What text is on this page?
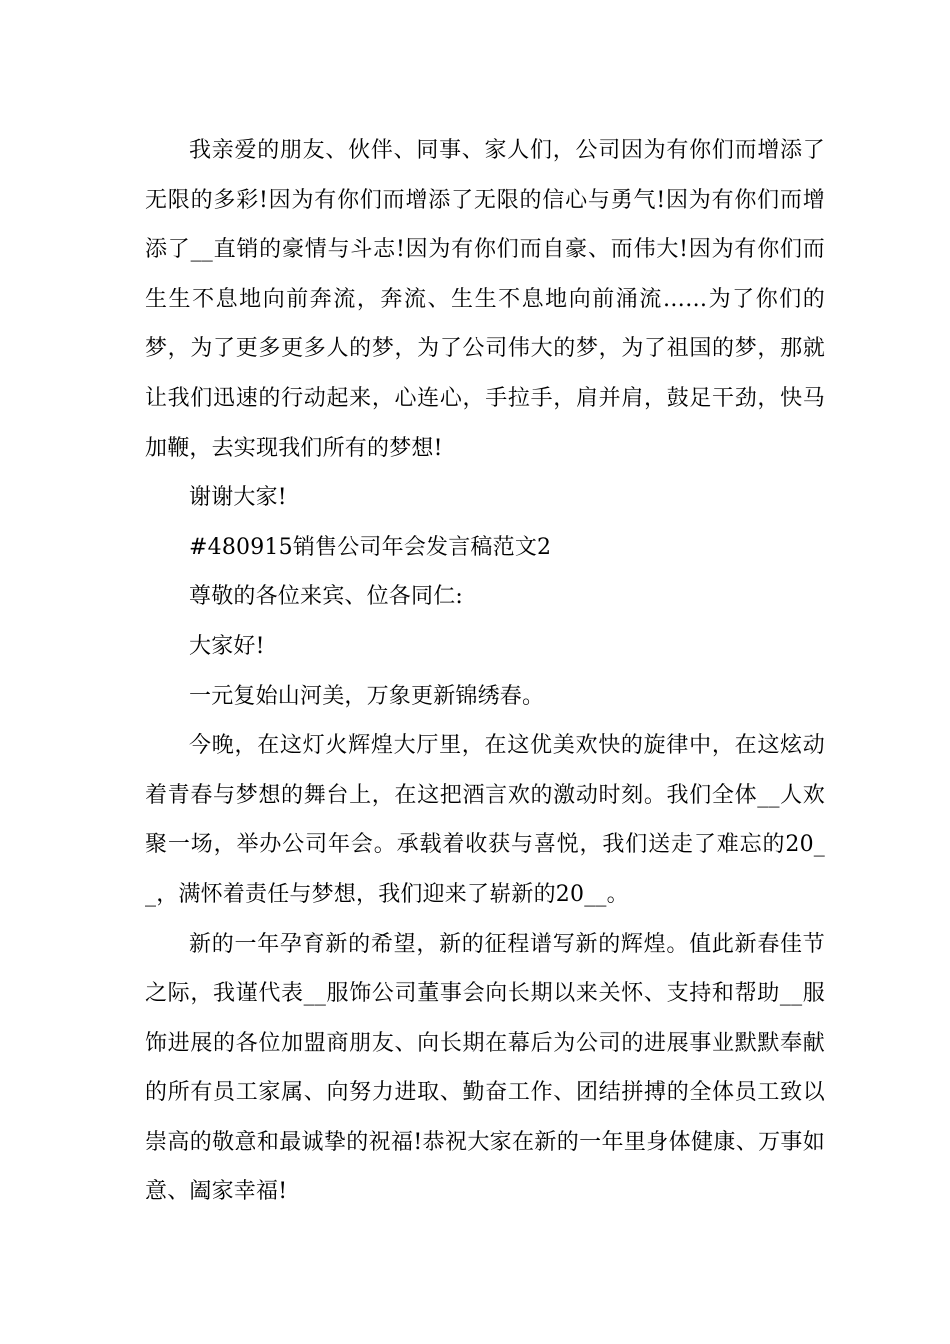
我亲爱的朋友、伙伴、同事、家人们，公司因为有你们而增添了无限的多彩!因为有你们而增添了无限的信心与勇气!因为有你们而增添了__直销的豪情与斗志!因为有你们而自豪、而伟大!因为有你们而生生不息地向前奔流，奔流、生生不息地向前涌流……为了你们的梦，为了更多更多人的梦，为了公司伟大的梦，为了祖国的梦，那就让我们迅速的行动起来，心连心，手拉手，肩并肩，鼓足干劲，快马加鞭，去实现我们所有的梦想!

谢谢大家!

#480915销售公司年会发言稿范文2

尊敬的各位来宾、位各同仁:

大家好!

一元复始山河美，万象更新锦绣春。

今晚，在这灯火辉煌大厅里，在这优美欢快的旋律中，在这炫动着青春与梦想的舞台上，在这把酒言欢的激动时刻。我们全体__人欢聚一场，举办公司年会。承载着收获与喜悦，我们送走了难忘的20__，满怀着责任与梦想，我们迎来了崭新的20__。

新的一年孕育新的希望，新的征程谱写新的辉煌。值此新春佳节之际，我谨代表__服饰公司董事会向长期以来关怀、支持和帮助__服饰进展的各位加盟商朋友、向长期在幕后为公司的进展事业默默奉献的所有员工家属、向努力进取、勤奋工作、团结拼搏的全体员工致以崇高的敬意和最诚挚的祝福!恭祝大家在新的一年里身体健康、万事如意、阖家幸福!
